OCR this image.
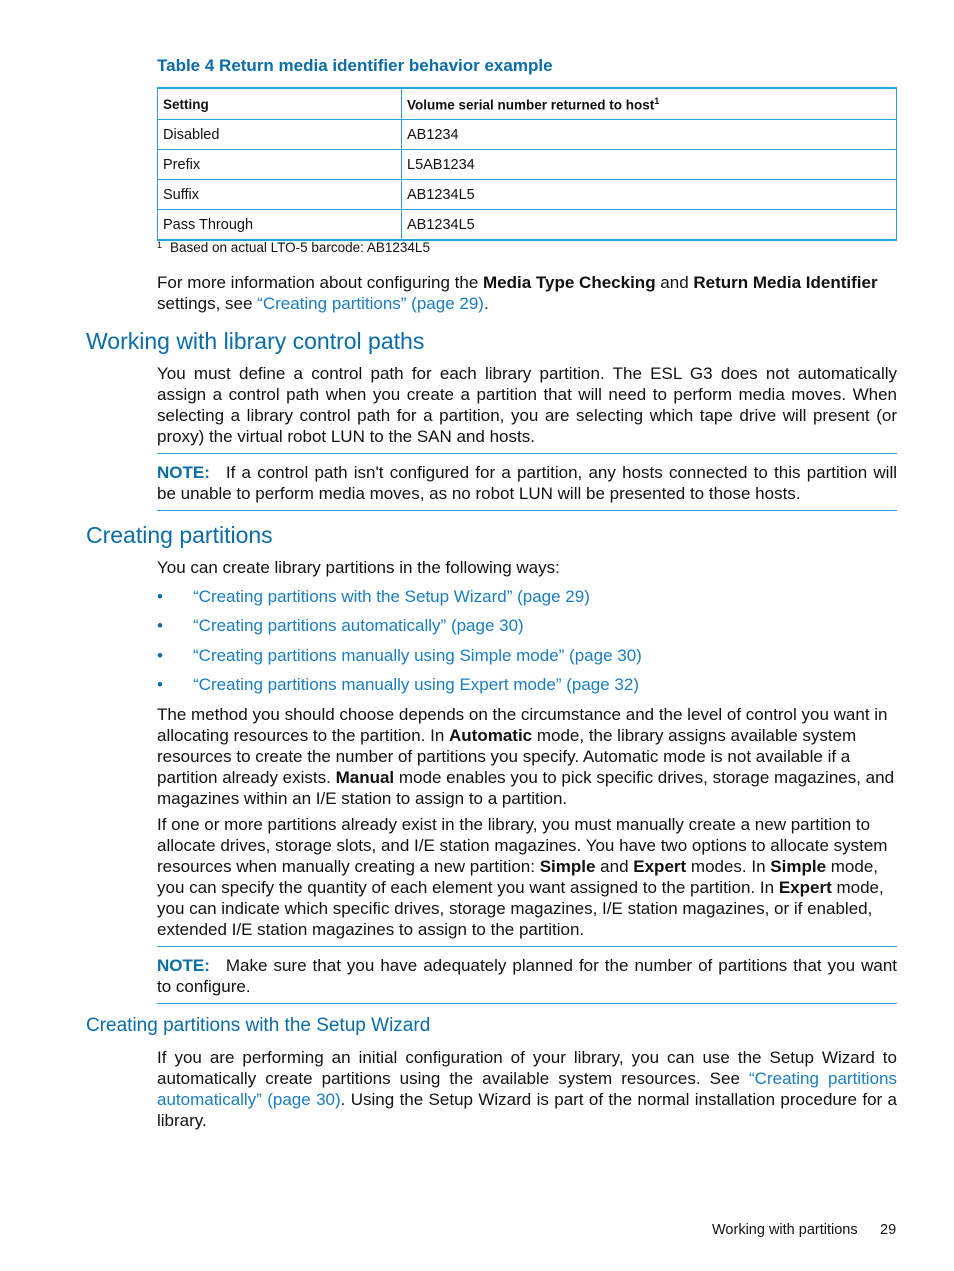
Table 4 Return media identifier behavior example
Setting	Volume serial number returned to host$^1$
Disabled	AB1234
Prefix	L5AB1234
Suffix	AB1234L5
Pass Through	AB1234L5
$^1$ Based on actual LTO-5 barcode: AB1234L5

For more information about configuring the Media Type Checking and Return Media Identifier settings, see “Creating partitions” (page 29).

Working with library control paths

You must define a control path for each library partition. The ESL G3 does not automatically assign a control path when you create a partition that will need to perform media moves. When selecting a library control path for a partition, you are selecting which tape drive will present (or proxy) the virtual robot LUN to the SAN and hosts.

NOTE: If a control path isn't configured for a partition, any hosts connected to this partition will be unable to perform media moves, as no robot LUN will be presented to those hosts.
Creating partitions

You can create library partitions in the following ways:

• “Creating partitions with the Setup Wizard” (page 29)
• “Creating partitions automatically” (page 30)
• “Creating partitions manually using Simple mode” (page 30)
• “Creating partitions manually using Expert mode” (page 32)

The method you should choose depends on the circumstance and the level of control you want in allocating resources to the partition. In Automatic mode, the library assigns available system resources to create the number of partitions you specify. Automatic mode is not available if a partition already exists. Manual mode enables you to pick specific drives, storage magazines, and magazines within an I/E station to assign to a partition.

If one or more partitions already exist in the library, you must manually create a new partition to allocate drives, storage slots, and I/E station magazines. You have two options to allocate system resources when manually creating a new partition: Simple and Expert modes. In Simple mode, you can specify the quantity of each element you want assigned to the partition. In Expert mode, you can indicate which specific drives, storage magazines, I/E station magazines, or if enabled, extended I/E station magazines to assign to the partition.

NOTE: Make sure that you have adequately planned for the number of partitions that you want to configure.
Creating partitions with the Setup Wizard

If you are performing an initial configuration of your library, you can use the Setup Wizard to automatically create partitions using the available system resources. See “Creating partitions automatically” (page 30). Using the Setup Wizard is part of the normal installation procedure for a library.

Working with partitions 29
